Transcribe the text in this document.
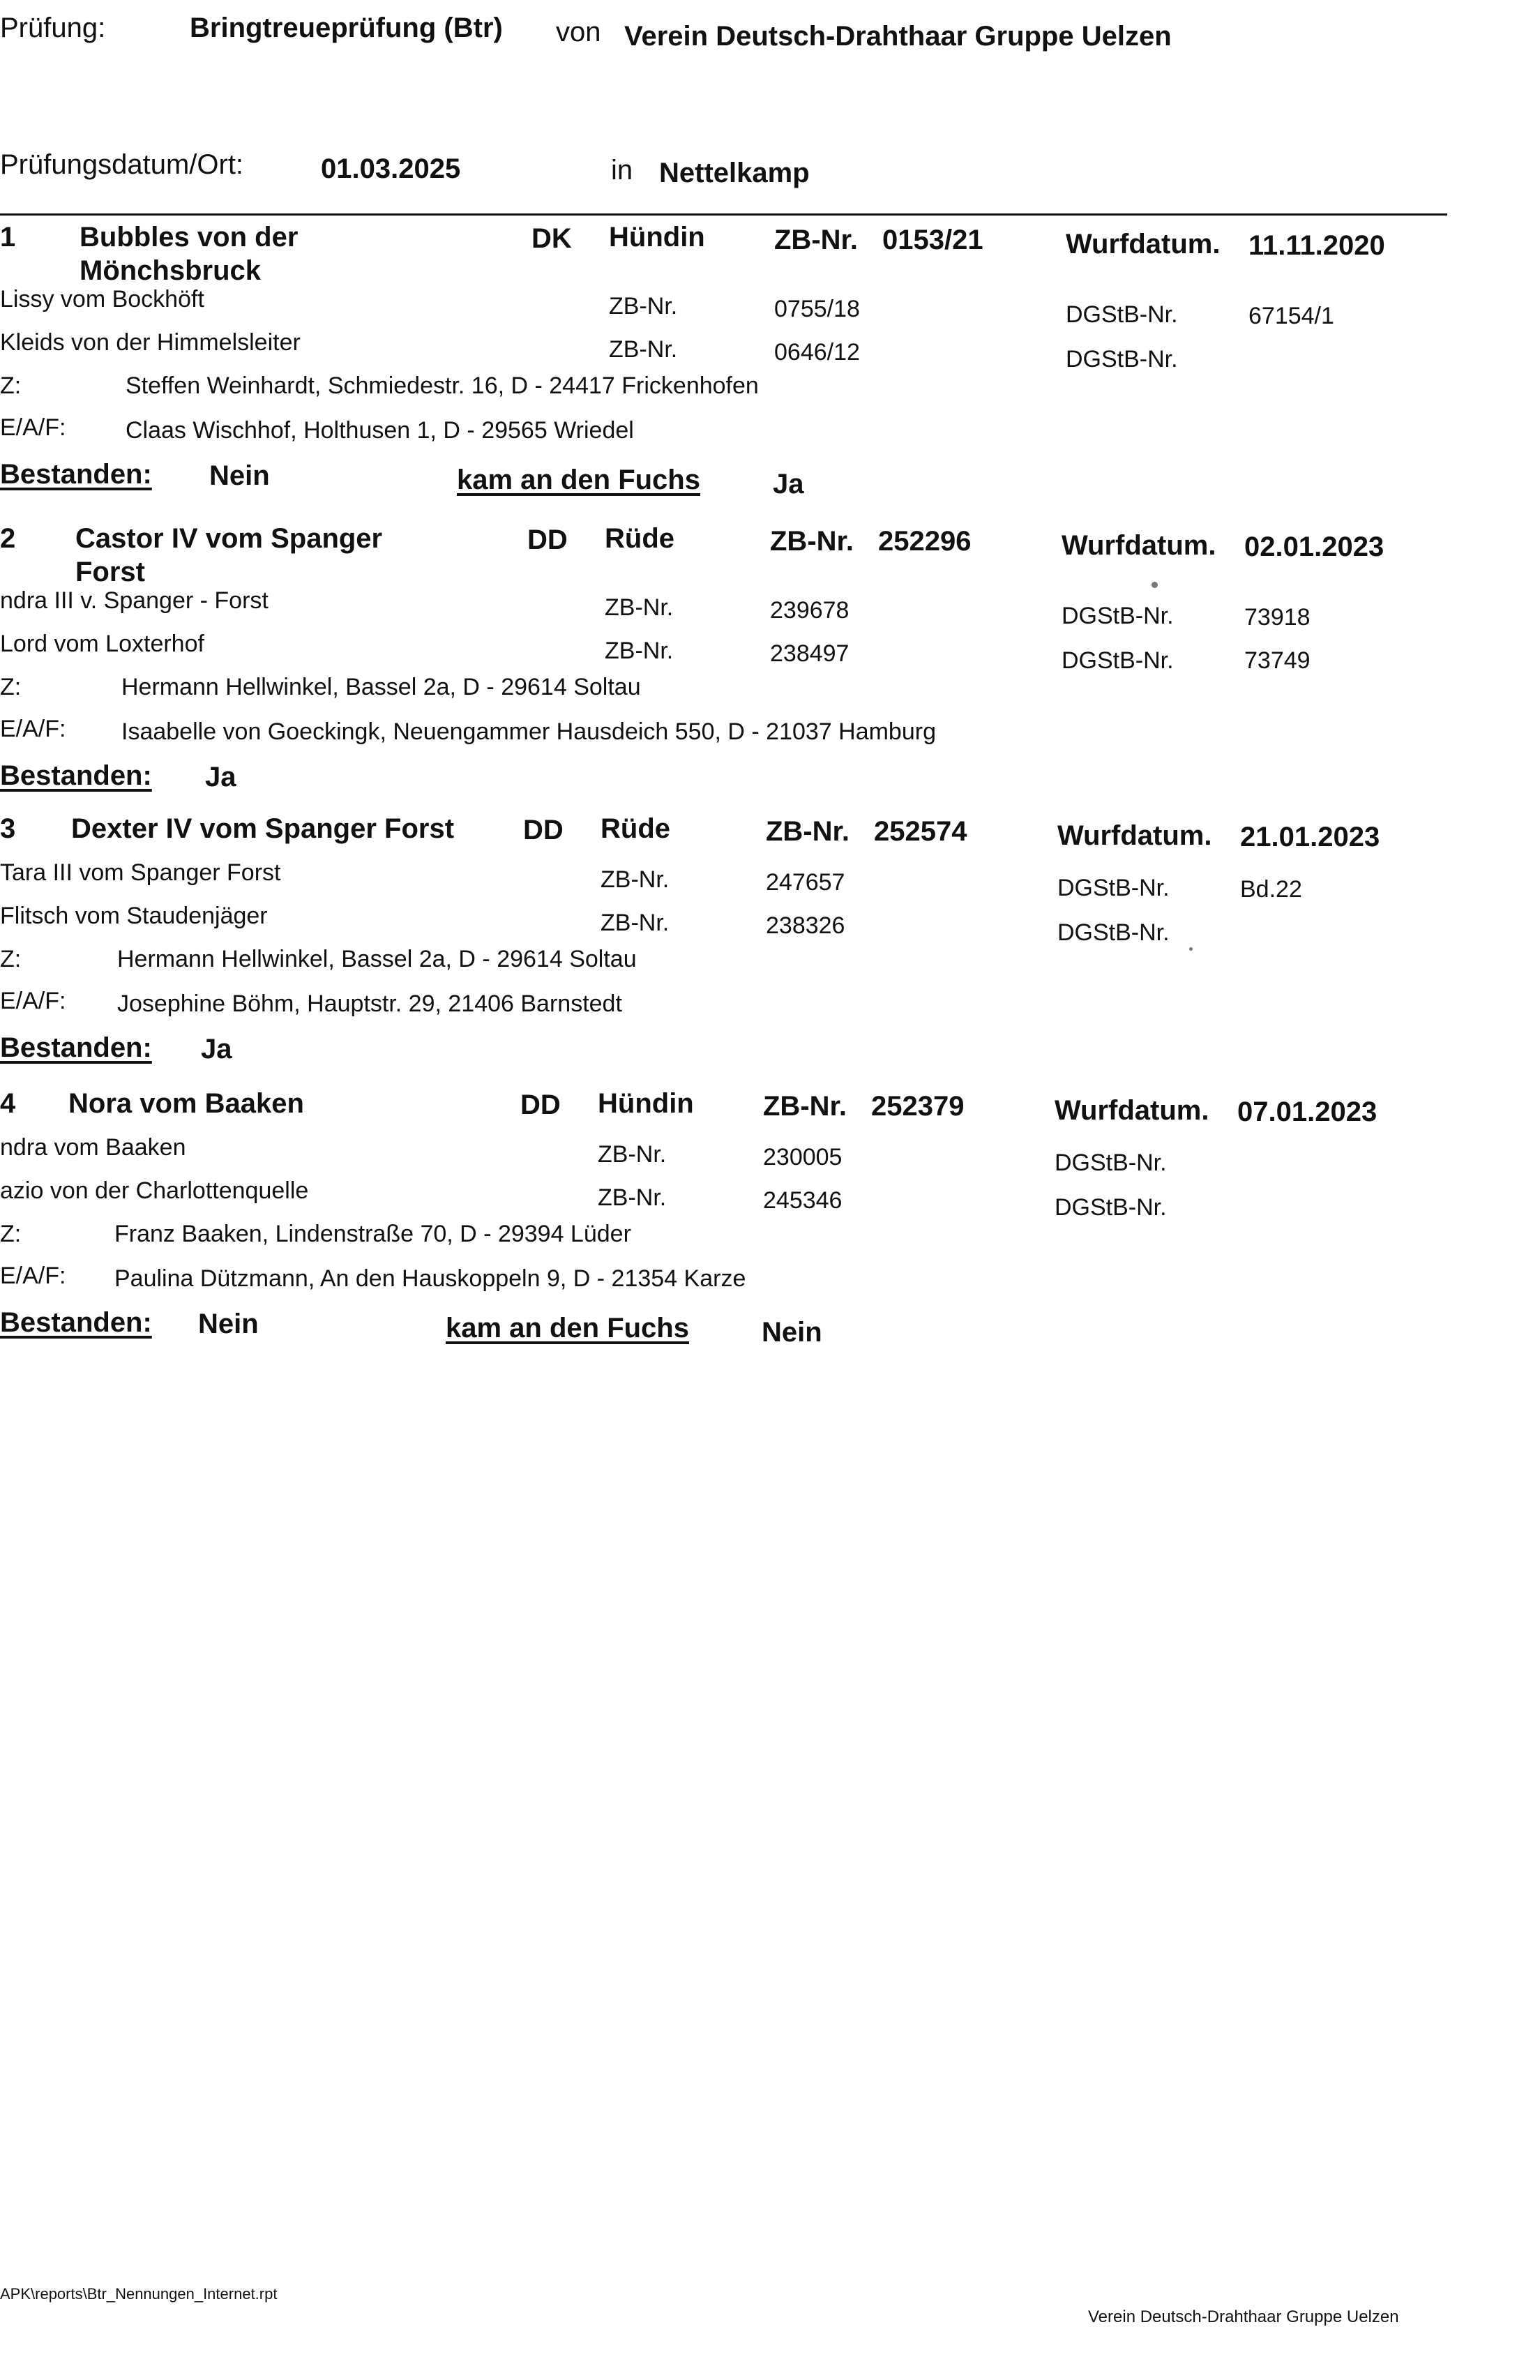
Prüfung:	Bringtreueprüfung (Btr) von Verein Deutsch-Drahthaar Gruppe Uelzen
Prüfungsdatum/Ort:	01.03.2025	in Nettelkamp
1 Bubbles von der
Mönchsbruck
DK Hündin ZB-Nr. 0153/21	Wurfdatum. 11.11.2020
Lissy vom Bockhöft	ZB-Nr.	0755/18	DGStB-Nr.	67154/1
Kleids von der Himmelsleiter	ZB-Nr.	0646/12	DGStB-Nr.
Z:	Steffen Weinhardt, Schmiedestr. 16, D - 24417 Frickenhofen
E/A/F:	Claas Wischhof, Holthusen 1, D - 29565 Wriedel
Bestanden: Nein	kam an den Fuchs	Ja
2 Castor IV vom Spanger
Forst
DD Rüde	ZB-Nr. 252296	Wurfdatum. 02.01.2023
ndra III v. Spanger - Forst	ZB-Nr.	239678	DGStB-Nr.	73918
Lord vom Loxterhof	ZB-Nr.	238497	DGStB-Nr.	73749
Z:	Hermann Hellwinkel, Bassel 2a, D - 29614 Soltau
E/A/F: Isaabelle von Goeckingk, Neuengammer Hausdeich 550, D - 21037 Hamburg
Bestanden: Ja
3 Dexter IV vom Spanger Forst DD Rüde	ZB-Nr. 252574	Wurfdatum. 21.01.2023
Tara III vom Spanger Forst	ZB-Nr.	247657	DGStB-Nr.	Bd.22
Flitsch vom Staudenjäger	ZB-Nr.	238326	DGStB-Nr.
Z:	Hermann Hellwinkel, Bassel 2a, D - 29614 Soltau
E/A/F: Josephine Böhm, Hauptstr. 29, 21406 Barnstedt
Bestanden: Ja
4 Nora vom Baaken	DD Hündin ZB-Nr. 252379	Wurfdatum. 07.01.2023
ndra vom Baaken	ZB-Nr.	230005	DGStB-Nr.
azio von der Charlottenquelle	ZB-Nr.	245346	DGStB-Nr.
Z:	Franz Baaken, Lindenstraße 70, D - 29394 Lüder
E/A/F: Paulina Dützmann, An den Hauskoppeln 9, D - 21354 Karze
Bestanden: Nein	kam an den Fuchs	Nein
APK\reports\Btr_Nennungen_Internet.rpt
Verein Deutsch-Drahthaar Gruppe Uelzen
